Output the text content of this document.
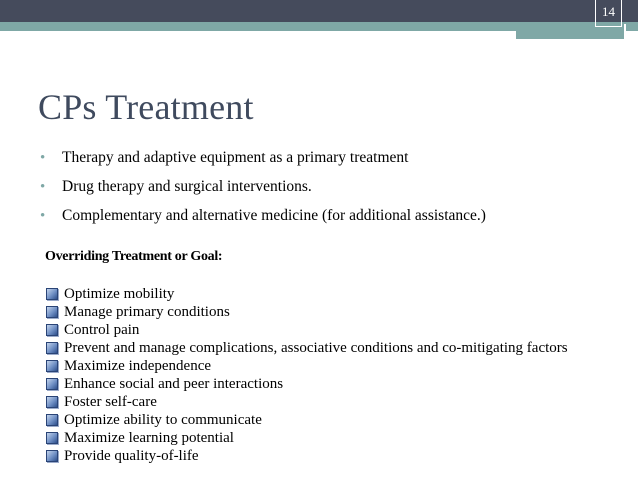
14
CPs Treatment
•	Therapy and adaptive equipment as a primary treatment
•	Drug therapy and surgical interventions.
•	Complementary and alternative medicine (for additional assistance.)
Overriding Treatment or Goal:
Optimize mobility
Manage primary conditions
Control pain
Prevent and manage complications, associative conditions and co-mitigating factors
Maximize independence
Enhance social and peer interactions
Foster self-care
Optimize ability to communicate
Maximize learning potential
Provide quality-of-life
